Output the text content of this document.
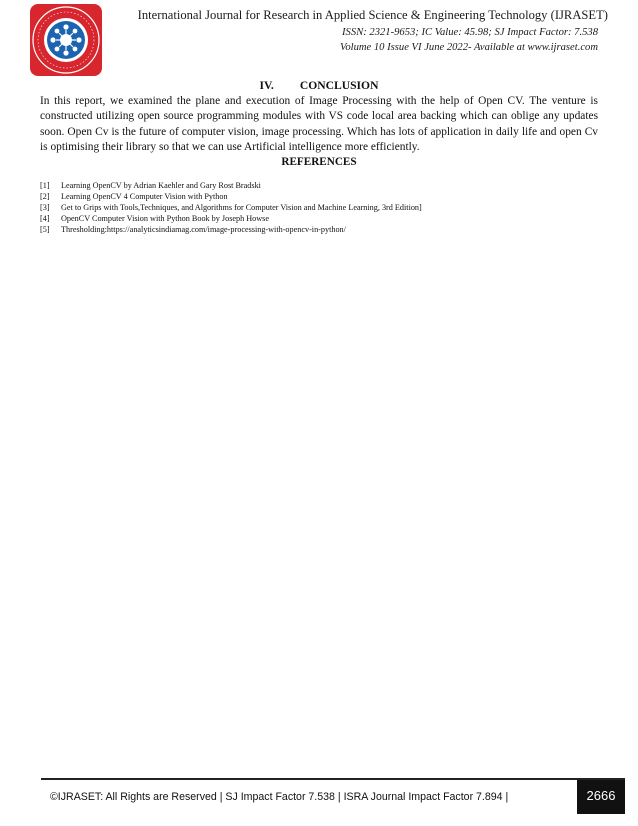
International Journal for Research in Applied Science & Engineering Technology (IJRASET)
ISSN: 2321-9653; IC Value: 45.98; SJ Impact Factor: 7.538
Volume 10 Issue VI June 2022- Available at www.ijraset.com
IV. CONCLUSION

In this report, we examined the plane and execution of Image Processing with the help of Open CV. The venture is constructed utilizing open source programming modules with VS code local area backing which can oblige any updates soon. Open Cv is the future of computer vision, image processing. Which has lots of application in daily life and open Cv is optimising their library so that we can use Artificial intelligence more efficiently.

REFERENCES
[1]	Learning OpenCV by Adrian Kaehler and Gary Rost Bradski
[2]	Learning OpenCV 4 Computer Vision with Python
[3]	Get to Grips with Tools,Techniques, and Algorithms for Computer Vision and Machine Learning, 3rd Edition]
[4]	OpenCV Computer Vision with Python Book by Joseph Howse
[5]	Thresholding:https://analyticsindiamag.com/image-processing-with-opencv-in-python/
©IJRASET: All Rights are Reserved | SJ Impact Factor 7.538 | ISRA Journal Impact Factor 7.894 |	2666
